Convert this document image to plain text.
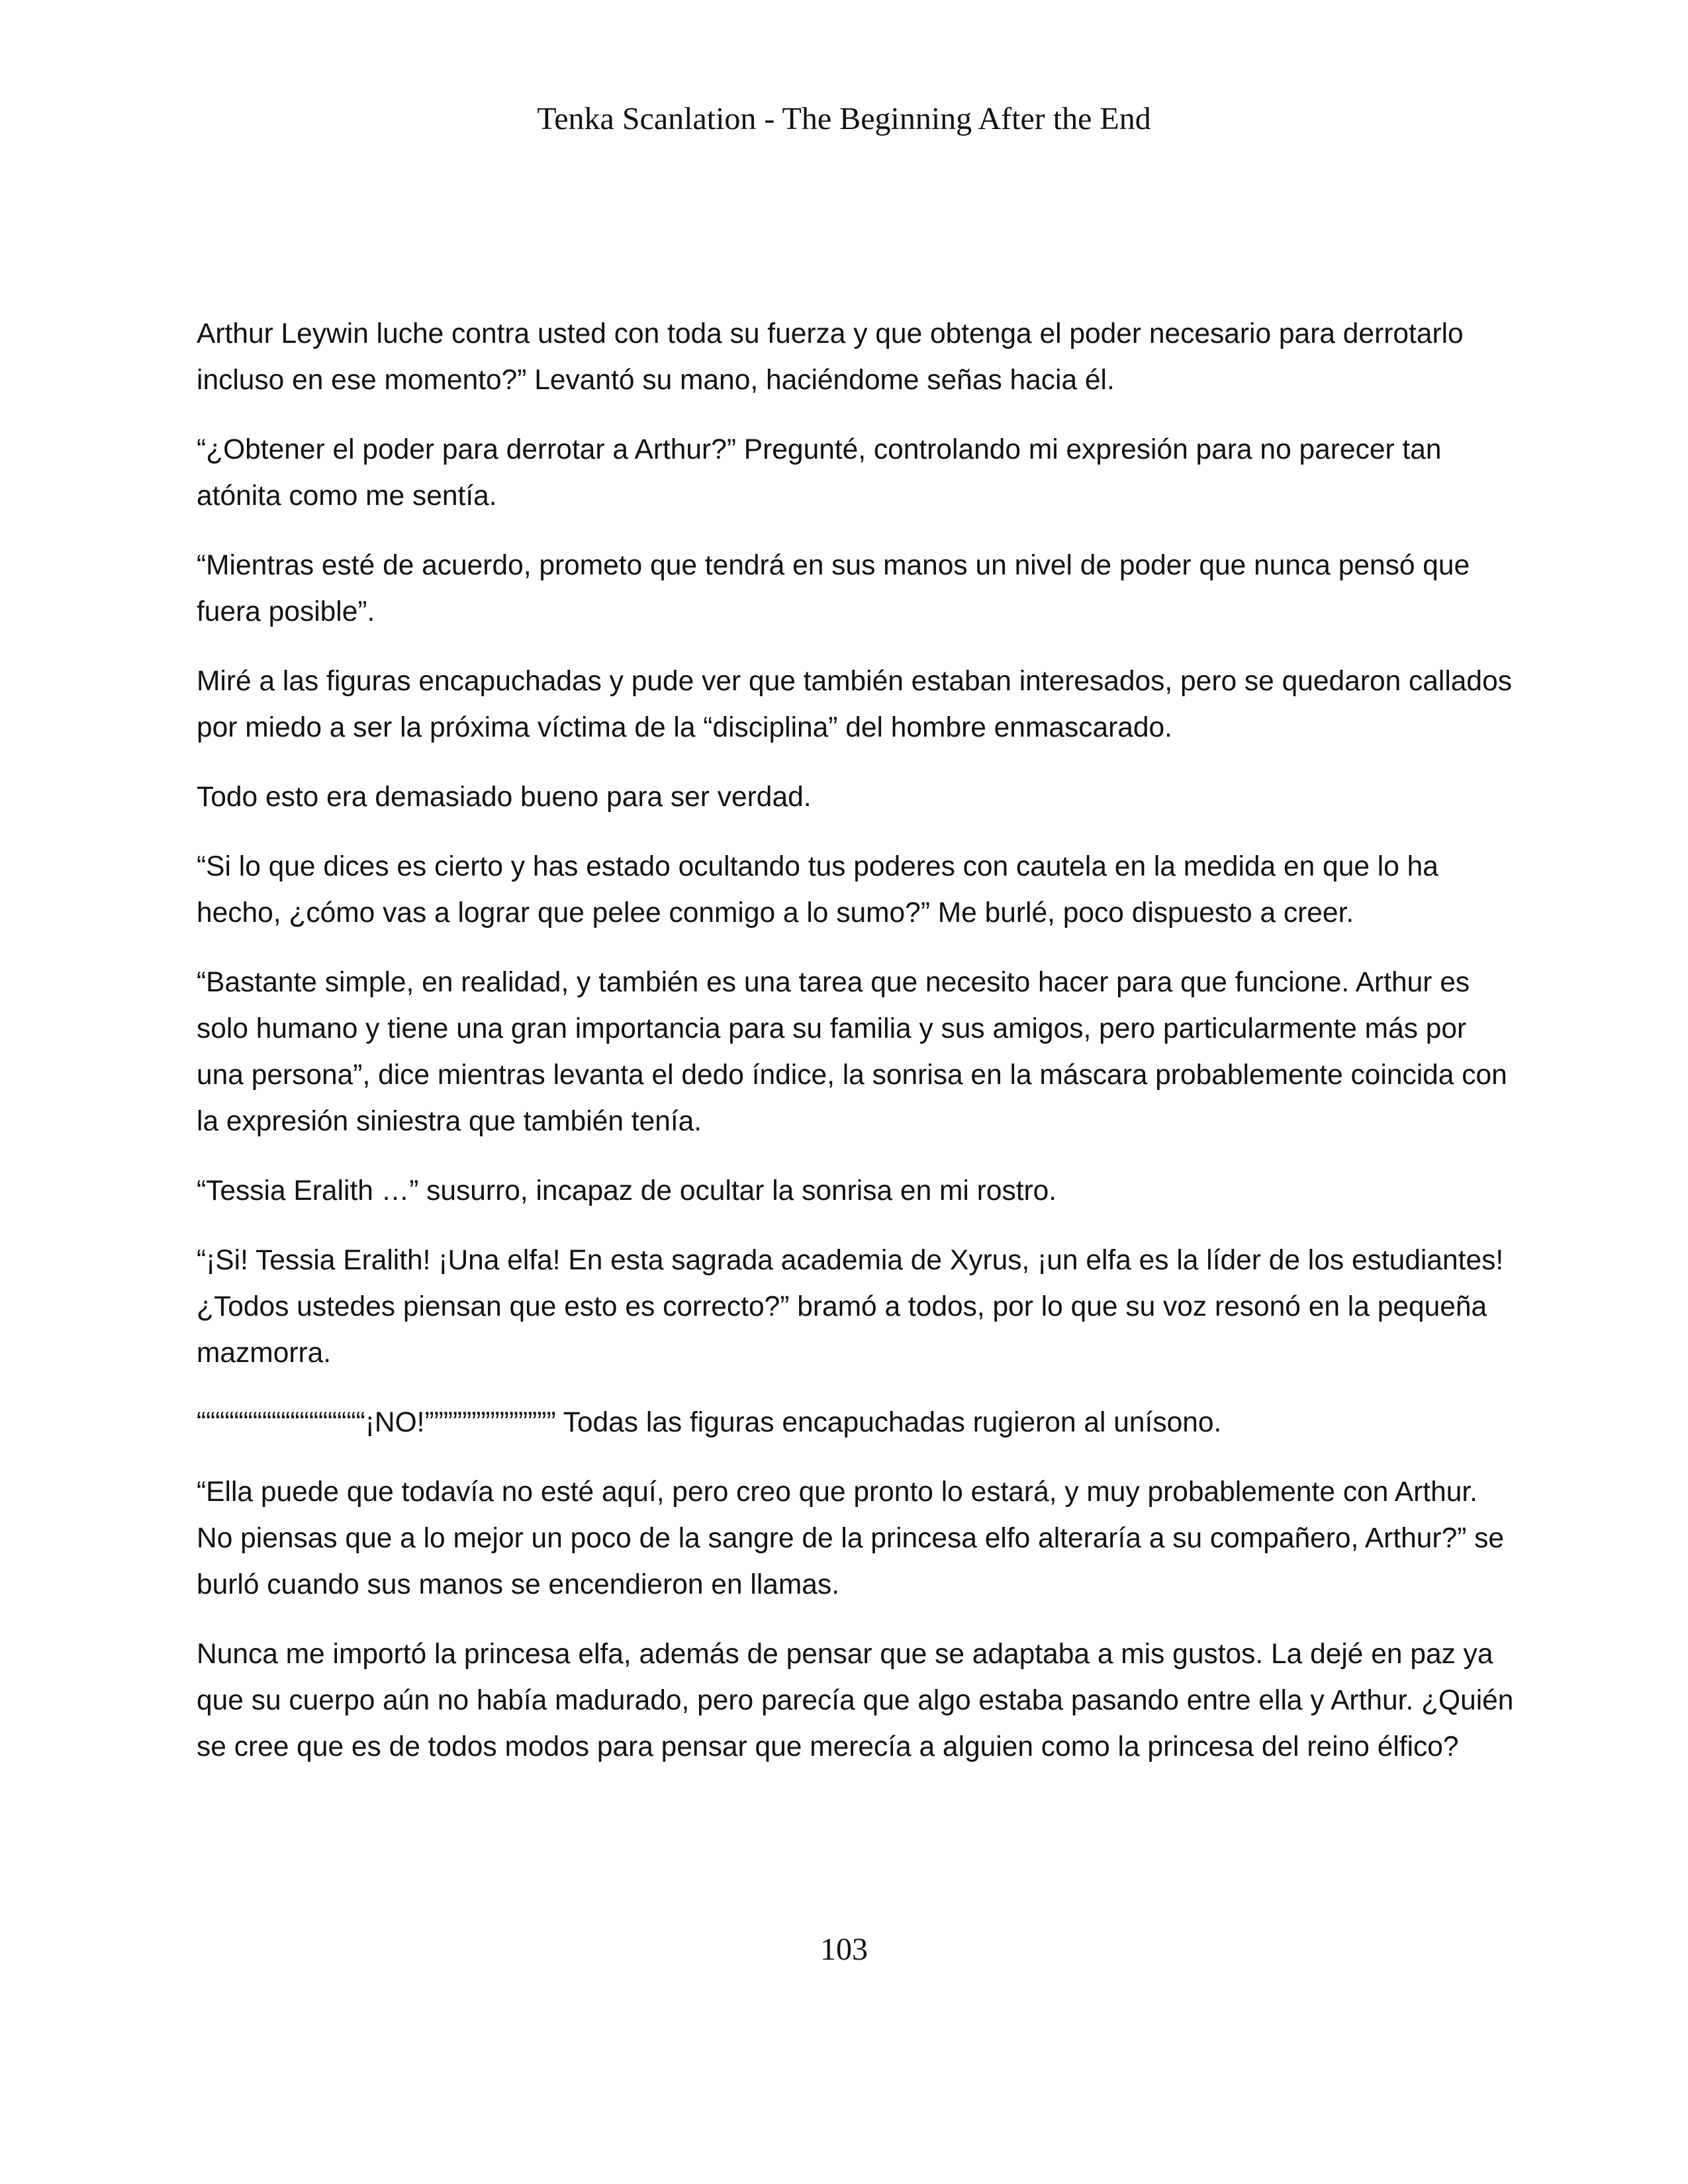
Tenka Scanlation - The Beginning After the End

Arthur Leywin luche contra usted con toda su fuerza y que obtenga el poder necesario para derrotarlo incluso en ese momento?” Levantó su mano, haciéndome señas hacia él.

“¿Obtener el poder para derrotar a Arthur?” Pregunté, controlando mi expresión para no parecer tan atónita como me sentía.

“Mientras esté de acuerdo, prometo que tendrá en sus manos un nivel de poder que nunca pensó que fuera posible”.

Miré a las figuras encapuchadas y pude ver que también estaban interesados, pero se quedaron callados por miedo a ser la próxima víctima de la “disciplina” del hombre enmascarado.

Todo esto era demasiado bueno para ser verdad.

“Si lo que dices es cierto y has estado ocultando tus poderes con cautela en la medida en que lo ha hecho, ¿cómo vas a lograr que pelee conmigo a lo sumo?” Me burlé, poco dispuesto a creer.

“Bastante simple, en realidad, y también es una tarea que necesito hacer para que funcione. Arthur es solo humano y tiene una gran importancia para su familia y sus amigos, pero particularmente más por una persona”, dice mientras levanta el dedo índice, la sonrisa en la máscara probablemente coincida con la expresión siniestra que también tenía.

“Tessia Eralith …” susurro, incapaz de ocultar la sonrisa en mi rostro.

“¡Si! Tessia Eralith! ¡Una elfa! En esta sagrada academia de Xyrus, ¡un elfa es la líder de los estudiantes! ¿Todos ustedes piensan que esto es correcto?” bramó a todos, por lo que su voz resonó en la pequeña mazmorra.

““““““““““““““““““¡NO!”””””””””””””” Todas las figuras encapuchadas rugieron al unísono.

“Ella puede que todavía no esté aquí, pero creo que pronto lo estará, y muy probablemente con Arthur. No piensas que a lo mejor un poco de la sangre de la princesa elfo alteraría a su compañero, Arthur?” se burló cuando sus manos se encendieron en llamas.

Nunca me importó la princesa elfa, además de pensar que se adaptaba a mis gustos. La dejé en paz ya que su cuerpo aún no había madurado, pero parecía que algo estaba pasando entre ella y Arthur. ¿Quién se cree que es de todos modos para pensar que merecía a alguien como la princesa del reino élfico?

103
